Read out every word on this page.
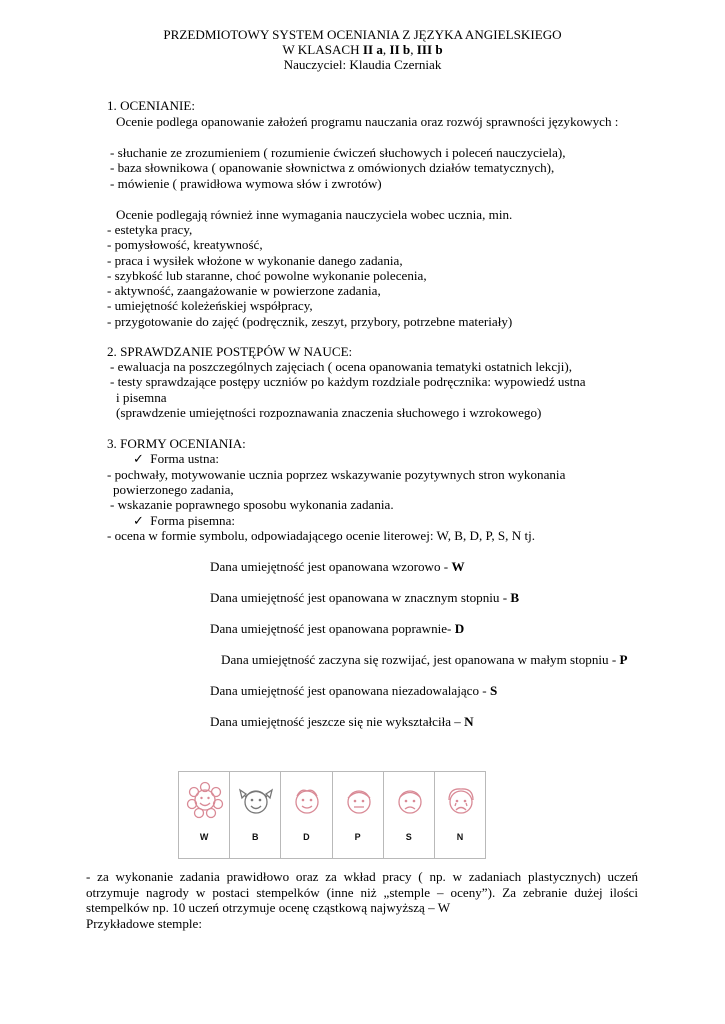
PRZEDMIOTOWY SYSTEM OCENIANIA Z JĘZYKA ANGIELSKIEGO
W KLASACH II a, II b, III b
Nauczyciel: Klaudia Czerniak
1. OCENIANIE:
Ocenie podlega opanowanie założeń programu nauczania oraz rozwój sprawności językowych :
- słuchanie ze zrozumieniem ( rozumienie ćwiczeń słuchowych i poleceń nauczyciela),
- baza słownikowa ( opanowanie słownictwa z omówionych działów tematycznych),
- mówienie ( prawidłowa wymowa słów i zwrotów)
Ocenie podlegają również inne wymagania nauczyciela wobec ucznia, min.
- estetyka pracy,
- pomysłowość, kreatywność,
- praca i wysiłek włożone w wykonanie danego zadania,
- szybkość lub staranne, choć powolne wykonanie polecenia,
- aktywność, zaangażowanie w powierzone zadania,
- umiejętność koleżeńskiej współpracy,
- przygotowanie do zajęć (podręcznik, zeszyt, przybory, potrzebne materiały)
2. SPRAWDZANIE POSTĘPÓW W NAUCE:
- ewaluacja na poszczególnych zajęciach ( ocena opanowania tematyki ostatnich lekcji),
- testy sprawdzające postępy uczniów po każdym rozdziale podręcznika: wypowiedź ustna
i pisemna
(sprawdzenie umiejętności rozpoznawania znaczenia słuchowego i wzrokowego)
3. FORMY OCENIANIA:
✓ Forma ustna:
- pochwały, motywowanie ucznia poprzez wskazywanie pozytywnych stron wykonania
powierzonego zadania,
- wskazanie poprawnego sposobu wykonania zadania.
✓ Forma pisemna:
- ocena w formie symbolu, odpowiadającego ocenie literowej: W, B, D, P, S, N tj.
Dana umiejętność jest opanowana wzorowo - W
Dana umiejętność jest opanowana w znacznym stopniu - B
Dana umiejętność jest opanowana poprawnie- D
Dana umiejętność zaczyna się rozwijać, jest opanowana w małym stopniu - P
Dana umiejętność jest opanowana niezadowalająco - S
Dana umiejętność jeszcze się nie wykształciła – N
W	B	D	P	S	N
- za wykonanie zadania prawidłowo oraz za wkład pracy ( np. w zadaniach plastycznych) uczeń otrzymuje nagrody w postaci stempelków (inne niż „stemple – oceny”). Za zebranie dużej ilości stempelków np. 10 uczeń otrzymuje ocenę cząstkową najwyższą – W
Przykładowe stemple:
